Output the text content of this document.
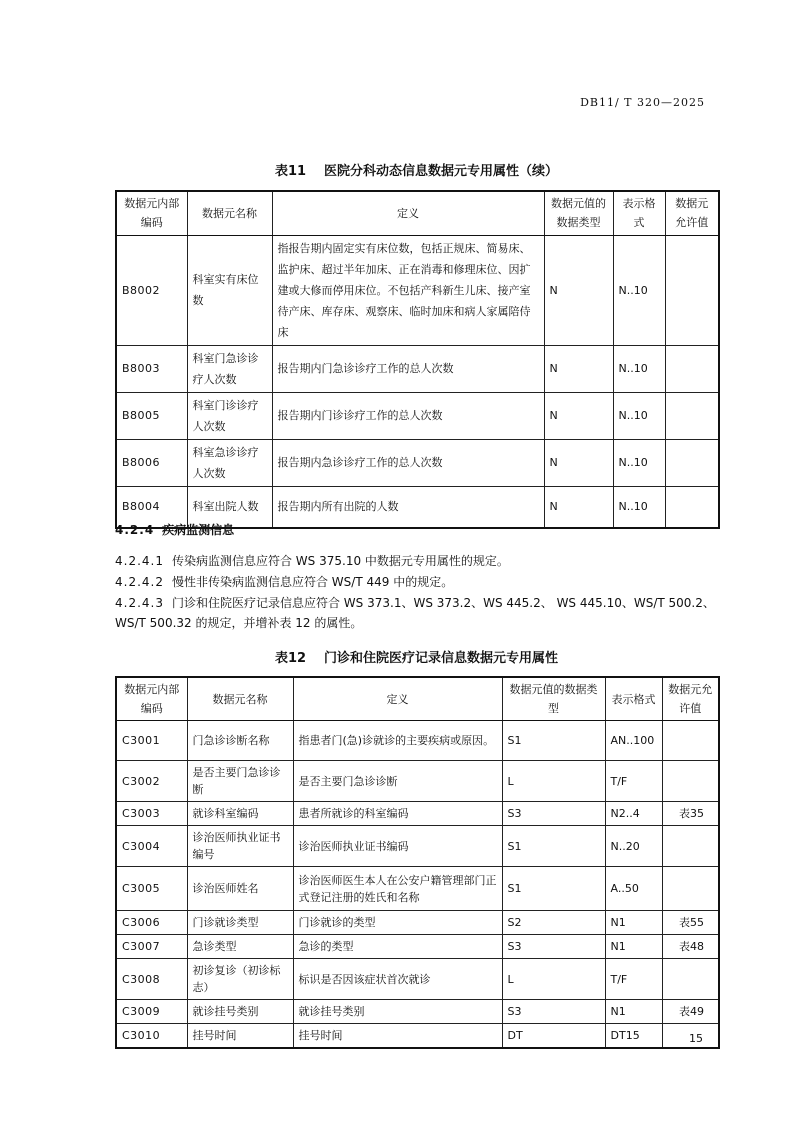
DB11/ T 320—2025
表11 医院分科动态信息数据元专用属性（续）
数据元内部编码	数据元名称	定义	数据元值的数据类型	表示格式	数据元允许值
B8002	科室实有床位数	指报告期内固定实有床位数，包括正规床、简易床、监护床、超过半年加床、正在消毒和修理床位、因扩建或大修而停用床位。不包括产科新生儿床、接产室待产床、库存床、观察床、临时加床和病人家属陪侍床	N	N..10	
B8003	科室门急诊诊疗人次数	报告期内门急诊诊疗工作的总人次数	N	N..10	
B8005	科室门诊诊疗人次数	报告期内门诊诊疗工作的总人次数	N	N..10	
B8006	科室急诊诊疗人次数	报告期内急诊诊疗工作的总人次数	N	N..10	
B8004	科室出院人数	报告期内所有出院的人数	N	N..10	
4.2.4 疾病监测信息
4.2.4.1 传染病监测信息应符合 WS 375.10 中数据元专用属性的规定。
4.2.4.2 慢性非传染病监测信息应符合 WS/T 449 中的规定。
4.2.4.3 门诊和住院医疗记录信息应符合 WS 373.1、WS 373.2、WS 445.2、 WS 445.10、WS/T 500.2、WS/T 500.32 的规定，并增补表 12 的属性。
表12 门诊和住院医疗记录信息数据元专用属性
数据元内部编码	数据元名称	定义	数据元值的数据类型	表示格式	数据元允许值
C3001	门急诊诊断名称	指患者门(急)诊就诊的主要疾病或原因。	S1	AN..100	
C3002	是否主要门急诊诊断	是否主要门急诊诊断	L	T/F	
C3003	就诊科室编码	患者所就诊的科室编码	S3	N2..4	表35
C3004	诊治医师执业证书编号	诊治医师执业证书编码	S1	N..20	
C3005	诊治医师姓名	诊治医师医生本人在公安户籍管理部门正式登记注册的姓氏和名称	S1	A..50	
C3006	门诊就诊类型	门诊就诊的类型	S2	N1	表55
C3007	急诊类型	急诊的类型	S3	N1	表48
C3008	初诊复诊（初诊标志）	标识是否因该症状首次就诊	L	T/F	
C3009	就诊挂号类别	就诊挂号类别	S3	N1	表49
C3010	挂号时间	挂号时间	DT	DT15		15
